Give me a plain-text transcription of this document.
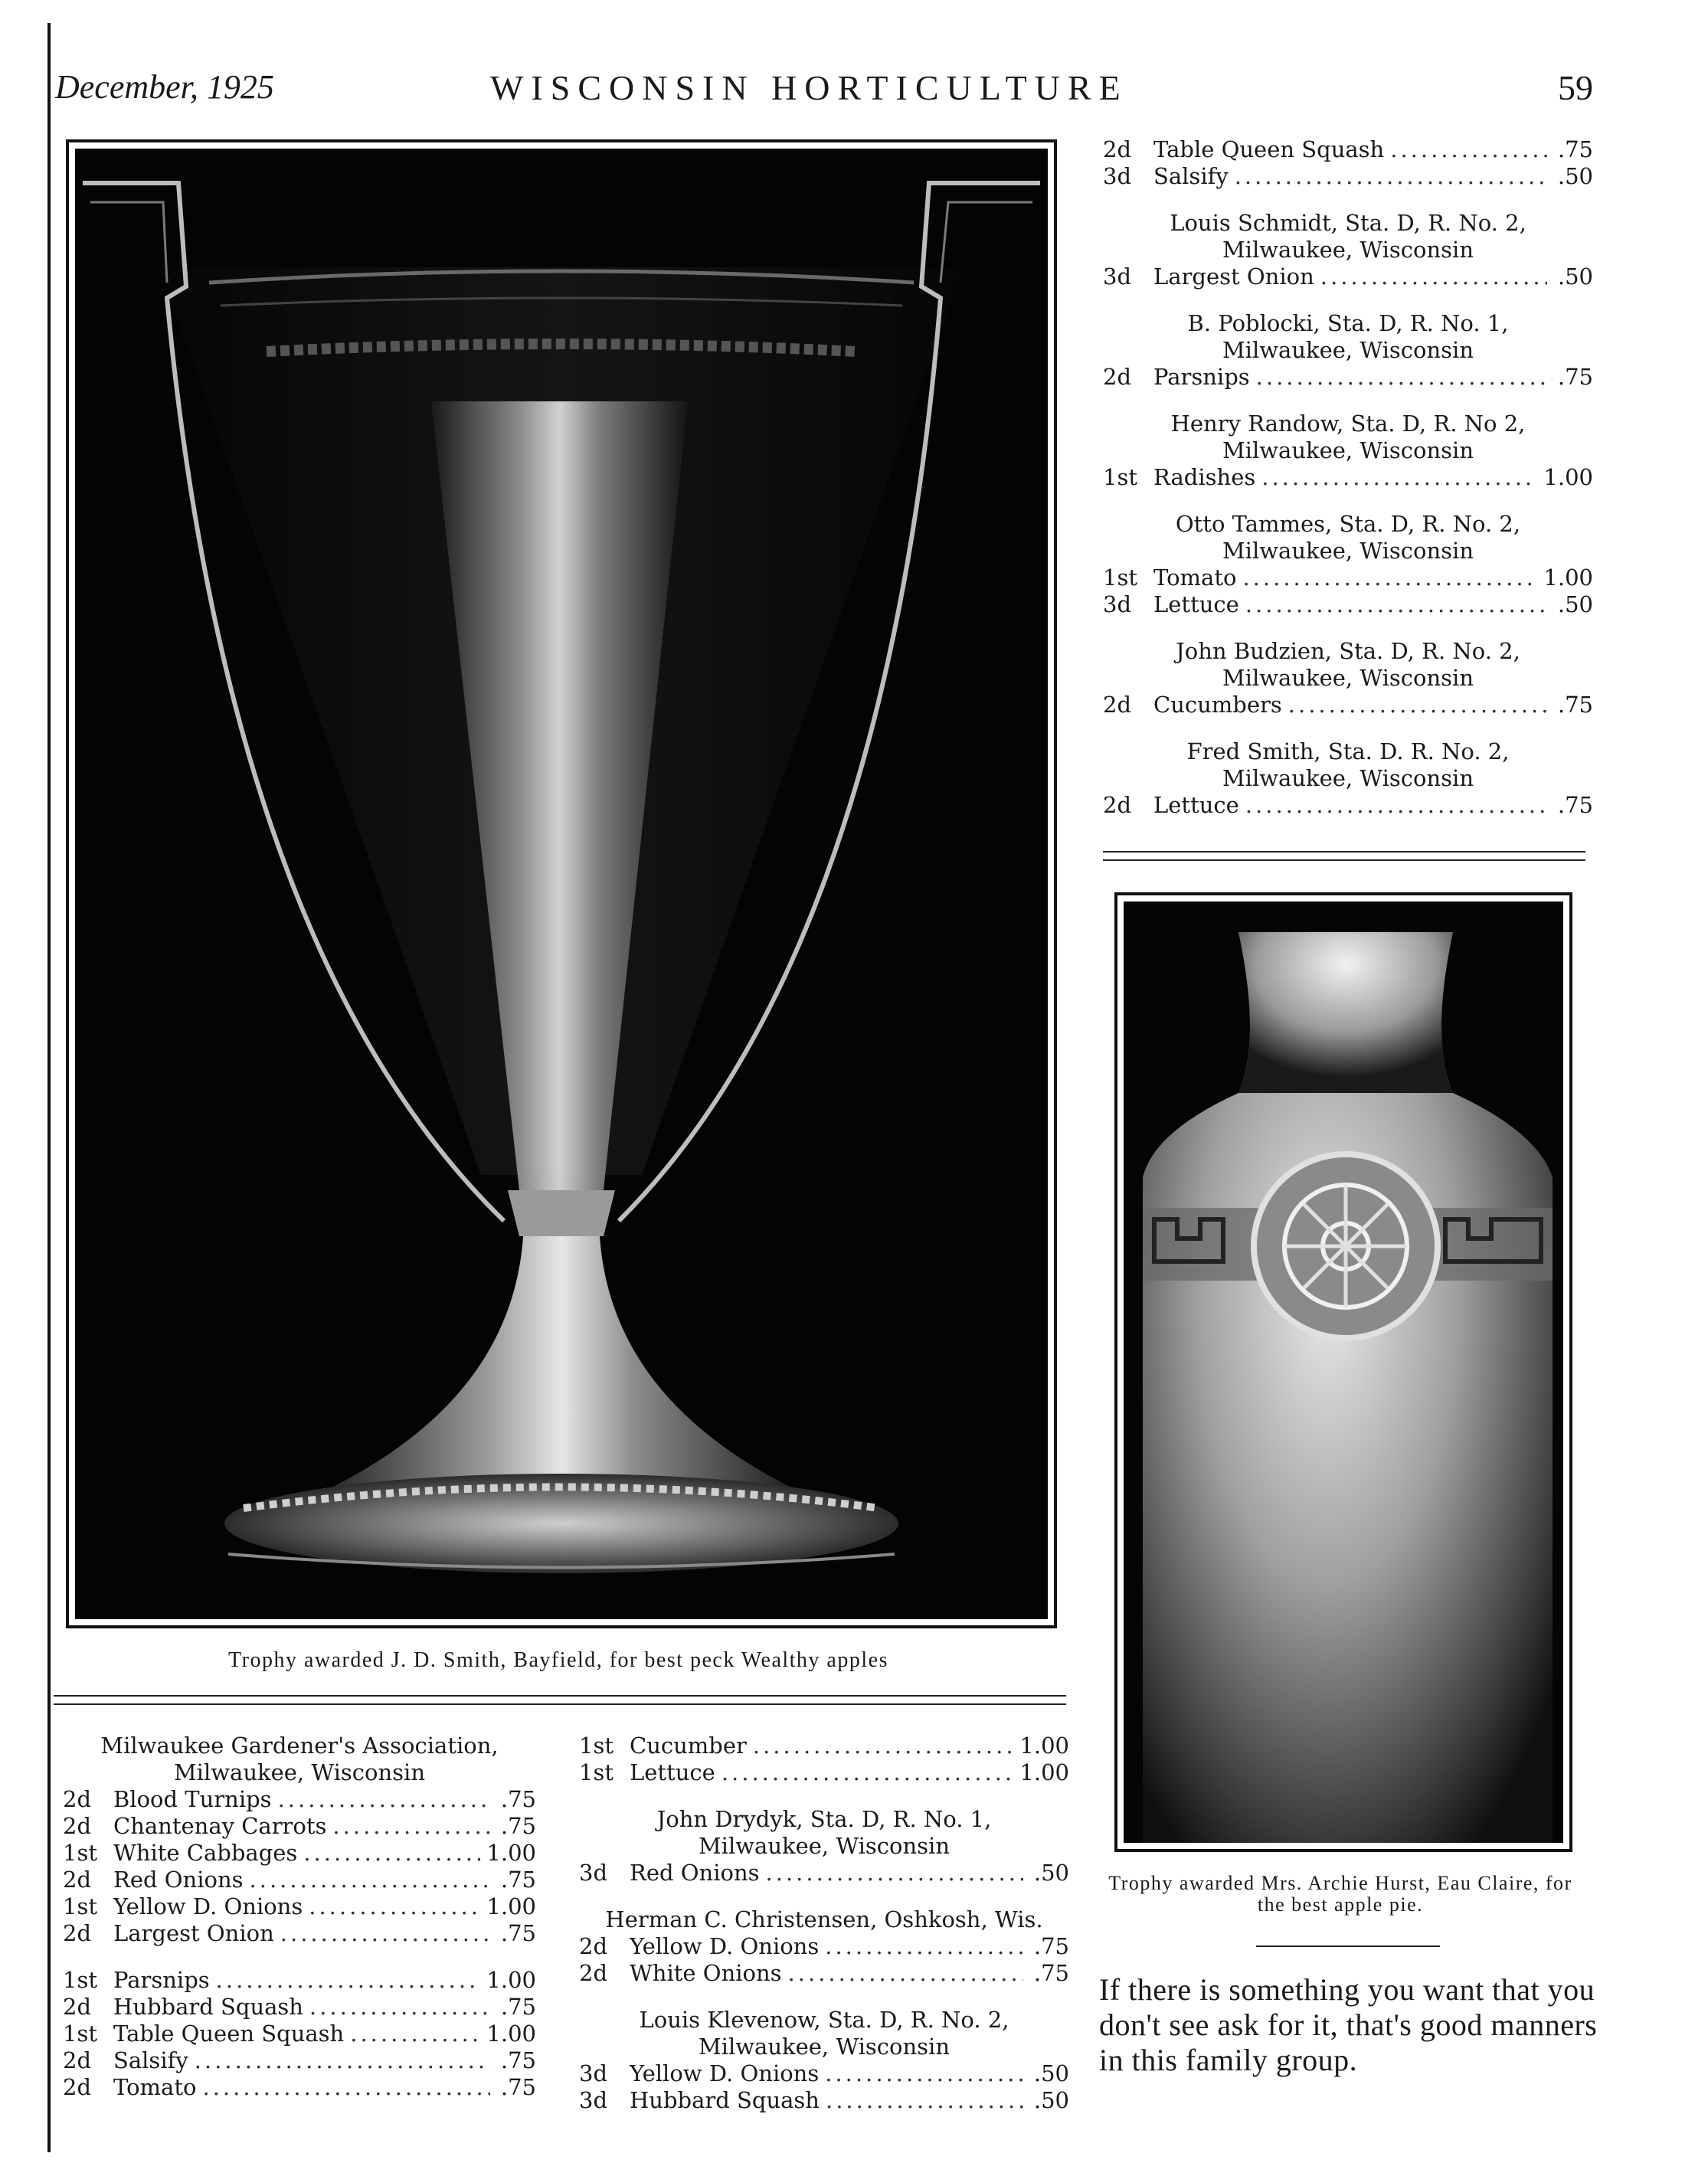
December, 1925	WISCONSIN HORTICULTURE	59
Trophy awarded J. D. Smith, Bayfield, for best peck Wealthy apples
Trophy awarded Mrs. Archie Hurst, Eau Claire, for the best apple pie.
Milwaukee Gardener's Association,
Milwaukee, Wisconsin
2d Blood Turnips .....	.75
2d Chantenay Carrots .....	.75
1st White Cabbages .....	1.00
2d Red Onions .....	.75
1st Yellow D. Onions .....	1.00
2d Largest Onion .....	.75
1st Parsnips .....	1.00
2d Hubbard Squash .....	.75
1st Table Queen Squash .....	1.00
2d Salsify .....	.75
2d Tomato .....	.75
1st Cucumber .....	1.00
1st Lettuce .....	1.00
John Drydyk, Sta. D, R. No. 1,
Milwaukee, Wisconsin
3d Red Onions .....	.50
Herman C. Christensen, Oshkosh, Wis.
2d Yellow D. Onions .....	.75
2d White Onions .....	.75
Louis Klevenow, Sta. D, R. No. 2,
Milwaukee, Wisconsin
3d Yellow D. Onions .....	.50
3d Hubbard Squash .....	.50
2d Table Queen Squash .....	.75
3d Salsify .....	.50
Louis Schmidt, Sta. D, R. No. 2,
Milwaukee, Wisconsin
3d Largest Onion .....	.50
B. Poblocki, Sta. D, R. No. 1,
Milwaukee, Wisconsin
2d Parsnips .....	.75
Henry Randow, Sta. D, R. No 2,
Milwaukee, Wisconsin
1st Radishes .....	1.00
Otto Tammes, Sta. D, R. No. 2,
Milwaukee, Wisconsin
1st Tomato .....	1.00
3d Lettuce .....	.50
John Budzien, Sta. D, R. No. 2,
Milwaukee, Wisconsin
2d Cucumbers .....	.75
Fred Smith, Sta. D. R. No. 2,
Milwaukee, Wisconsin
2d Lettuce .....	.75
If there is something you want that you don't see ask for it, that's good manners in this family group.
